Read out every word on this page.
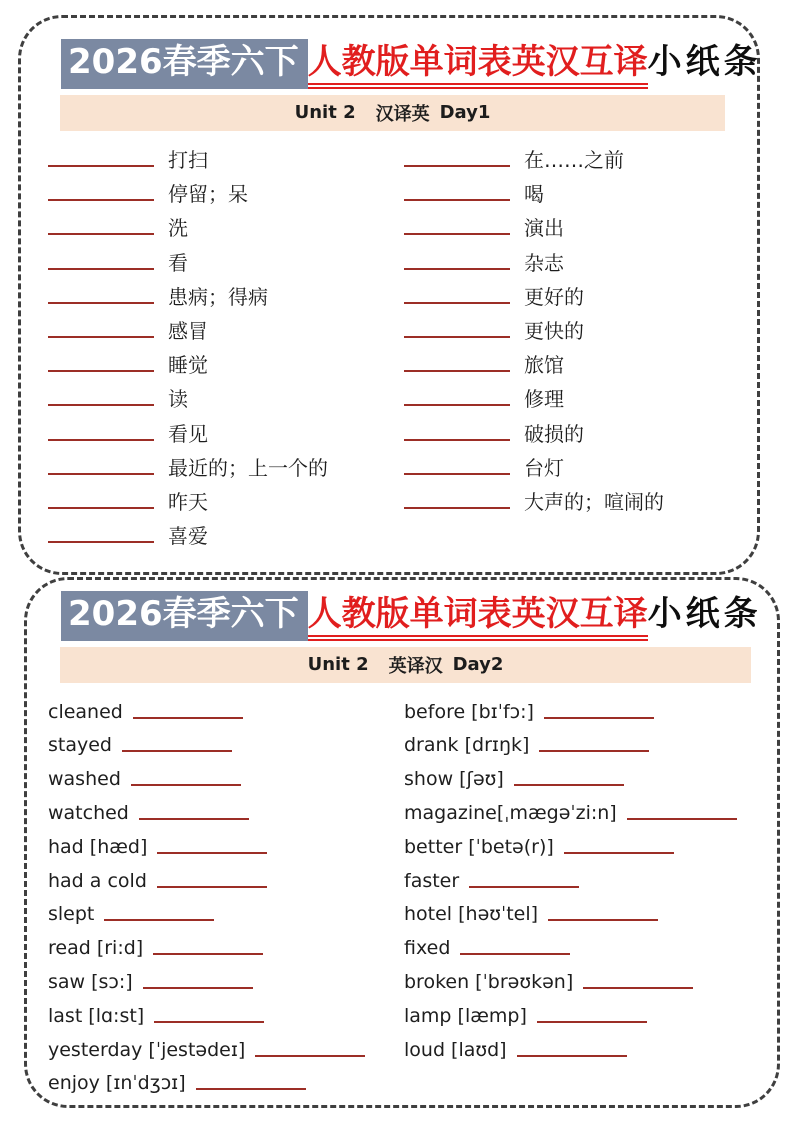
2026春季六下 人教版单词表英汉互译小纸条
Unit 2 汉译英 Day1
打扫
停留；呆
洗
看
患病；得病
感冒
睡觉
读
看见
最近的；上一个的
昨天
喜爱
在……之前
喝
演出
杂志
更好的
更快的
旅馆
修理
破损的
台灯
大声的；喧闹的
2026春季六下 人教版单词表英汉互译小纸条
Unit 2 英译汉 Day2
cleaned
stayed
washed
watched
had [hæd]
had a cold
slept
read [ri:d]
saw [sɔ:]
last [lɑ:st]
yesterday [ˈjestədeɪ]
enjoy [ɪnˈdʒɔɪ]
before [bɪˈfɔ:]
drank [drɪŋk]
show [ʃəʊ]
magazine[ˌmægəˈzi:n]
better [ˈbetə(r)]
faster
hotel [həʊˈtel]
fixed
broken [ˈbrəʊkən]
lamp [læmp]
loud [laʊd]
